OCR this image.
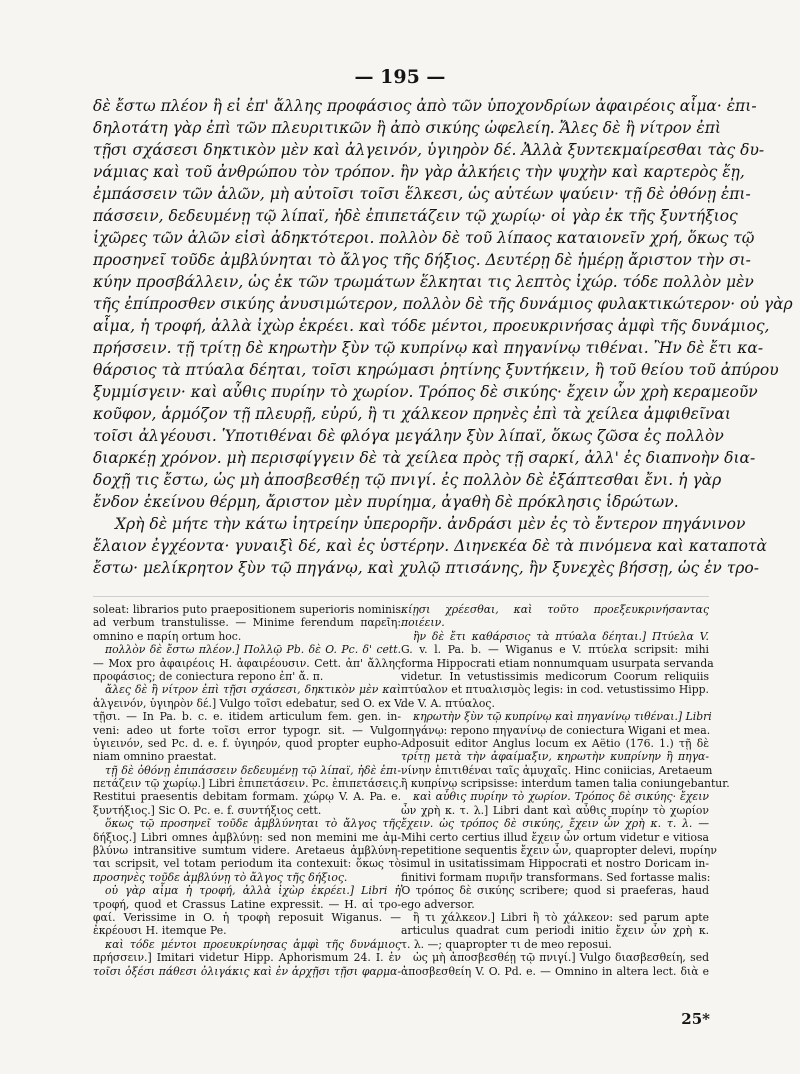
— 195 —
δὲ ἔστω πλέον ἢ εἰ ἐπ' ἄλλης προφάσιος ἀπὸ τῶν ὑποχονδρίων ἀφαιρέοις αἷμα· ἐπι-
δηλοτάτη γὰρ ἐπὶ τῶν πλευριτικῶν ἢ ἀπὸ σικύης ὠφελείη. Ἄλες δὲ ἢ νίτρον ἐπὶ
τῇσι σχάσεσι δηκτικὸν μὲν καὶ ἀλγεινόν, ὑγιηρὸν δέ. Ἀλλὰ ξυντεκμαίρεσθαι τὰς δυ-
νάμιας καὶ τοῦ ἀνθρώπου τὸν τρόπον. ἢν γὰρ ἀλκήεις τὴν ψυχὴν καὶ καρτερὸς ἔῃ,
ἐμπάσσειν τῶν ἁλῶν, μὴ αὐτοῖσι τοῖσι ἕλκεσι, ὡς αὐτέων ψαύειν· τῇ δὲ ὀθόνῃ ἐπι-
πάσσειν, δεδευμένῃ τῷ λίπαϊ, ἠδὲ ἐπιπετάζειν τῷ χωρίῳ· οἱ γὰρ ἐκ τῆς ξυντήξιος
ἰχῶρες τῶν ἁλῶν εἰσὶ ἀδηκτότεροι. πολλὸν δὲ τοῦ λίπαος καταιονεῖν χρή, ὅκως τῷ
προσηνεῖ τοῦδε ἀμβλύνηται τὸ ἄλγος τῆς δήξιος. Δευτέρῃ δὲ ἡμέρῃ ἄριστον τὴν σι-
κύην προσβάλλειν, ὡς ἐκ τῶν τρωμάτων ἕλκηται τις λεπτὸς ἰχώρ. τόδε πολλὸν μὲν
τῆς ἐπίπροσθεν σικύης ἀνυσιμώτερον, πολλὸν δὲ τῆς δυνάμιος φυλακτικώτερον· οὐ γὰρ
αἷμα, ἡ τροφή, ἀλλὰ ἰχὼρ ἐκρέει. καὶ τόδε μέντοι, προευκρινήσας ἀμφὶ τῆς δυνάμιος,
πρήσσειν. τῇ τρίτῃ δὲ κηρωτὴν ξὺν τῷ κυπρίνῳ καὶ πηγανίνῳ τιθέναι. Ἢν δὲ ἔτι κα-
θάρσιος τὰ πτύαλα δέηται, τοῖσι κηρώμασι ῥητίνης ξυντήκειν, ἢ τοῦ θείου τοῦ ἀπύρου
ξυμμίσγειν· καὶ αὖθις πυρίην τὸ χωρίον. Τρόπος δὲ σικύης· ἔχειν ὧν χρὴ κεραμεοῦν
κοῦφον, ἁρμόζον τῇ πλευρῇ, εὐρύ, ἢ τι χάλκεον πρηνὲς ἐπὶ τὰ χείλεα ἀμφιθεῖναι
τοῖσι ἀλγέουσι. Ὑποτιθέναι δὲ φλόγα μεγάλην ξὺν λίπαϊ, ὅκως ζῶσα ἐς πολλὸν
διαρκέῃ χρόνον. μὴ περισφίγγειν δὲ τὰ χείλεα πρὸς τῇ σαρκί, ἀλλ' ἐς διαπνοὴν δια-
δοχῇ τις ἔστω, ὡς μὴ ἀποσβεσθέῃ τῷ πνιγί. ἐς πολλὸν δὲ ἐξάπτεσθαι ἔνι. ἡ γὰρ
ἔνδον ἐκείνου θέρμη, ἄριστον μὲν πυρίημα, ἀγαθὴ δὲ πρόκλησις ἱδρώτων.
Χρὴ δὲ μήτε τὴν κάτω ἰητρείην ὑπερορῆν. ἀνδράσι μὲν ἐς τὸ ἔντερον πηγάνινον
ἔλαιον ἐγχέοντα· γυναιξὶ δέ, καὶ ἐς ὑστέρην. Διηνεκέα δὲ τὰ πινόμενα καὶ καταποτὰ
ἔστω· μελίκρητον ξὺν τῷ πηγάνῳ, καὶ χυλῷ πτισάνης, ἢν ξυνεχὲς βήσσῃ, ὡς ἐν τρο-
soleat: librarios puto praepositionem superioris nominis
ad verbum transtulisse. — Minime ferendum παρεῖη:
omnino e παρίη ortum hoc.
πολλὸν δὲ ἔστω πλέον.] Πολλῷ Pb. δὲ O. Pc. δ' cett.
— Mox pro ἀφαιρέοις H. ἀφαιρέουσιν. Cett. ἀπ' ἄλλης
προφάσιος; de coniectura repono ἐπ' ἄ. π.
ἄλες δὲ ἢ νίτρον ἐπὶ τῇσι σχάσεσι, δηκτικὸν μὲν καὶ
ἀλγεινόν, ὑγιηρὸν δέ.] Vulgo τοῖσι edebatur, sed O. ex V.
τῇσι. — In Pa. b. c. e. itidem articulum fem. gen. in-
veni: adeo ut forte τοῖσι error typogr. sit. — Vulgo
ὑγιεινόν, sed Pc. d. e. f. ὑγιηρόν, quod propter eupho-
niam omnino praestat.
τῇ δὲ ὀθόνῃ ἐπιπάσσειν δεδευμένῃ τῷ λίπαϊ, ἠδὲ ἐπι-
πετάζειν τῷ χωρίῳ.] Libri ἐπιπετάσειν. Pc. ἐπιπετάσεις.
Restitui praesentis debitam formam. χώρῳ V. A. Pa. e.
ξυντήξιος.] Sic O. Pc. e. f. συντήξιος cett.
ὅκως τῷ προσηνεῖ τοῦδε ἀμβλύνηται τὸ ἄλγος τῆς
δήξιος.] Libri omnes ἀμβλύνῃ: sed non memini me ἀμ-
βλύνω intransitive sumtum videre. Aretaeus ἀμβλύνη-
ται scripsit, vel totam periodum ita contexuit: ὅκως τὸ
προσηνὲς τοῦδε ἀμβλύνῃ τὸ ἄλγος τῆς δήξιος.
οὐ γὰρ αἷμα ἡ τροφή, ἀλλὰ ἰχὼρ ἐκρέει.] Libri ἡ
τροφή, quod et Crassus Latine expressit. — H. αἱ τρο-
φαί. Verissime in O. ἡ τροφὴ reposuit Wiganus. —
ἐκρέουσι H. itemque Pe.
καὶ τόδε μέντοι προευκρίνησας ἀμφὶ τῆς δυνάμιος
πρήσσειν.] Imitari videtur Hipp. Aphorismum 24. I. ἐν
τοῖσι ὀξέσι πάθεσι ὀλιγάκις καὶ ἐν ἀρχῇσι τῇσι φαρμα-
κίῃσι χρέεσθαι, καὶ τοῦτο προεξευκρινήσαντας
ποιέειν.
ἢν δὲ ἔτι καθάρσιος τὰ πτύαλα δέηται.] Πτύελα V.
G. v. l. Pa. b. — Wiganus e V. πτύελα scripsit: mihi
forma Hippocrati etiam nonnumquam usurpata servanda
videtur. In vetustissimis medicorum Coorum reliquiis
πτύαλον et πτυαλισμὸς legis: in cod. vetustissimo Hipp.
de V. A. πτύαλος.
κηρωτὴν ξὺν τῷ κυπρίνῳ καὶ πηγανίνῳ τιθέναι.] Libri
πηγάνῳ: repono πηγανίνῳ de coniectura Wigani et mea.
Adposuit editor Anglus locum ex Aëtio (176. 1.) τῇ δὲ
τρίτῃ μετὰ τὴν ἀφαίμαξιν, κηρωτὴν κυπρίνην ἢ πηγα-
νίνην ἐπιτιθέναι ταῖς ἀμυχαῖς. Hinc coniicias, Aretaeum
ἢ κυπρίνῳ scripsisse: interdum tamen talia coniungebantur.
καὶ αὖθις πυρίην τὸ χωρίον. Τρόπος δὲ σικύης· ἔχειν
ὧν χρὴ κ. τ. λ.] Libri dant καὶ αὖθις πυρίην τὸ χωρίον
ἔχειν. ὡς τρόπος δὲ σικύης, ἔχειν ὧν χρὴ κ. τ. λ. —
Mihi certo certius illud ἔχειν ὧν ortum videtur e vitiosa
repetitione sequentis ἔχειν ὧν, quapropter delevi, πυρίην
simul in usitatissimam Hippocrati et nostro Doricam in-
finitivi formam πυριῆν transformans. Sed fortasse malis:
Ὁ τρόπος δὲ σικύης scribere; quod si praeferas, haud
ego adversor.
ἢ τι χάλκεον.] Libri ἢ τὸ χάλκεον: sed parum apte
articulus quadrat cum periodi initio ἔχειν ὧν χρὴ κ.
τ. λ. —; quapropter τι de meo reposui.
ὡς μὴ ἀποσβεσθέῃ τῷ πνιγί.] Vulgo διασβεσθείη, sed
ἀποσβεσθείη V. O. Pd. e. — Omnino in altera lect. διὰ e
25*
